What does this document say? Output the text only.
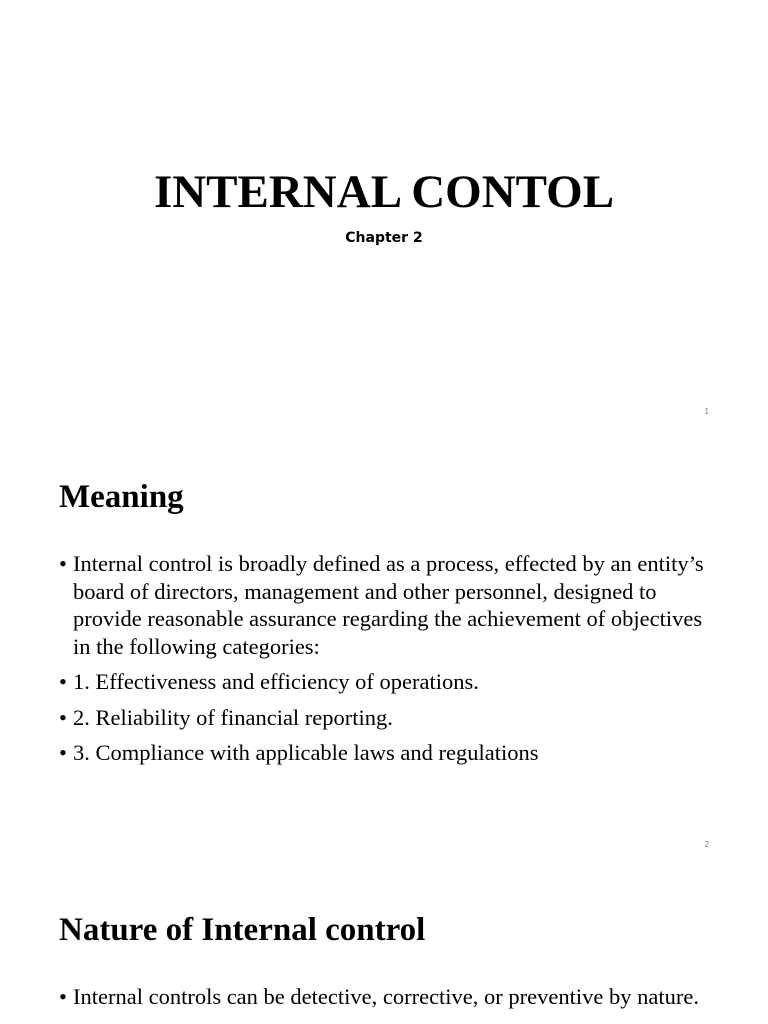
INTERNAL CONTOL
Chapter 2
1
Meaning
• Internal control is broadly defined as a process, effected by an entity’s board of directors, management and other personnel, designed to provide reasonable assurance regarding the achievement of objectives in the following categories:
• 1. Effectiveness and efficiency of operations.
• 2. Reliability of financial reporting.
• 3. Compliance with applicable laws and regulations
2
Nature of Internal control
• Internal controls can be detective, corrective, or preventive by nature.
